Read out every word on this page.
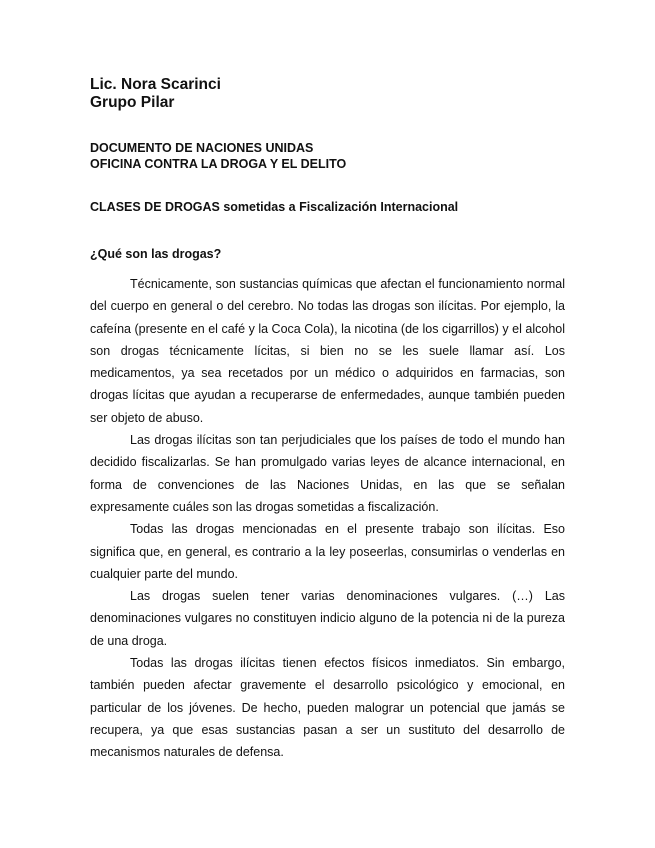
Lic. Nora Scarinci
Grupo Pilar
DOCUMENTO DE NACIONES UNIDAS
OFICINA CONTRA LA DROGA Y EL DELITO
CLASES DE DROGAS sometidas a Fiscalización Internacional
¿Qué son las drogas?

Técnicamente, son sustancias químicas que afectan el funcionamiento normal del cuerpo en general o del cerebro. No todas las drogas son ilícitas. Por ejemplo, la cafeína (presente en el café y la Coca Cola), la nicotina (de los cigarrillos) y el alcohol son drogas técnicamente lícitas, si bien no se les suele llamar así. Los medicamentos, ya sea recetados por un médico o adquiridos en farmacias, son drogas lícitas que ayudan a recuperarse de enfermedades, aunque también pueden ser objeto de abuso.

Las drogas ilícitas son tan perjudiciales que los países de todo el mundo han decidido fiscalizarlas. Se han promulgado varias leyes de alcance internacional, en forma de convenciones de las Naciones Unidas, en las que se señalan expresamente cuáles son las drogas sometidas a fiscalización.

Todas las drogas mencionadas en el presente trabajo son ilícitas. Eso significa que, en general, es contrario a la ley poseerlas, consumirlas o venderlas en cualquier parte del mundo.

Las drogas suelen tener varias denominaciones vulgares. (…) Las denominaciones vulgares no constituyen indicio alguno de la potencia ni de la pureza de una droga.

Todas las drogas ilícitas tienen efectos físicos inmediatos. Sin embargo, también pueden afectar gravemente el desarrollo psicológico y emocional, en particular de los jóvenes. De hecho, pueden malograr un potencial que jamás se recupera, ya que esas sustancias pasan a ser un sustituto del desarrollo de mecanismos naturales de defensa.
